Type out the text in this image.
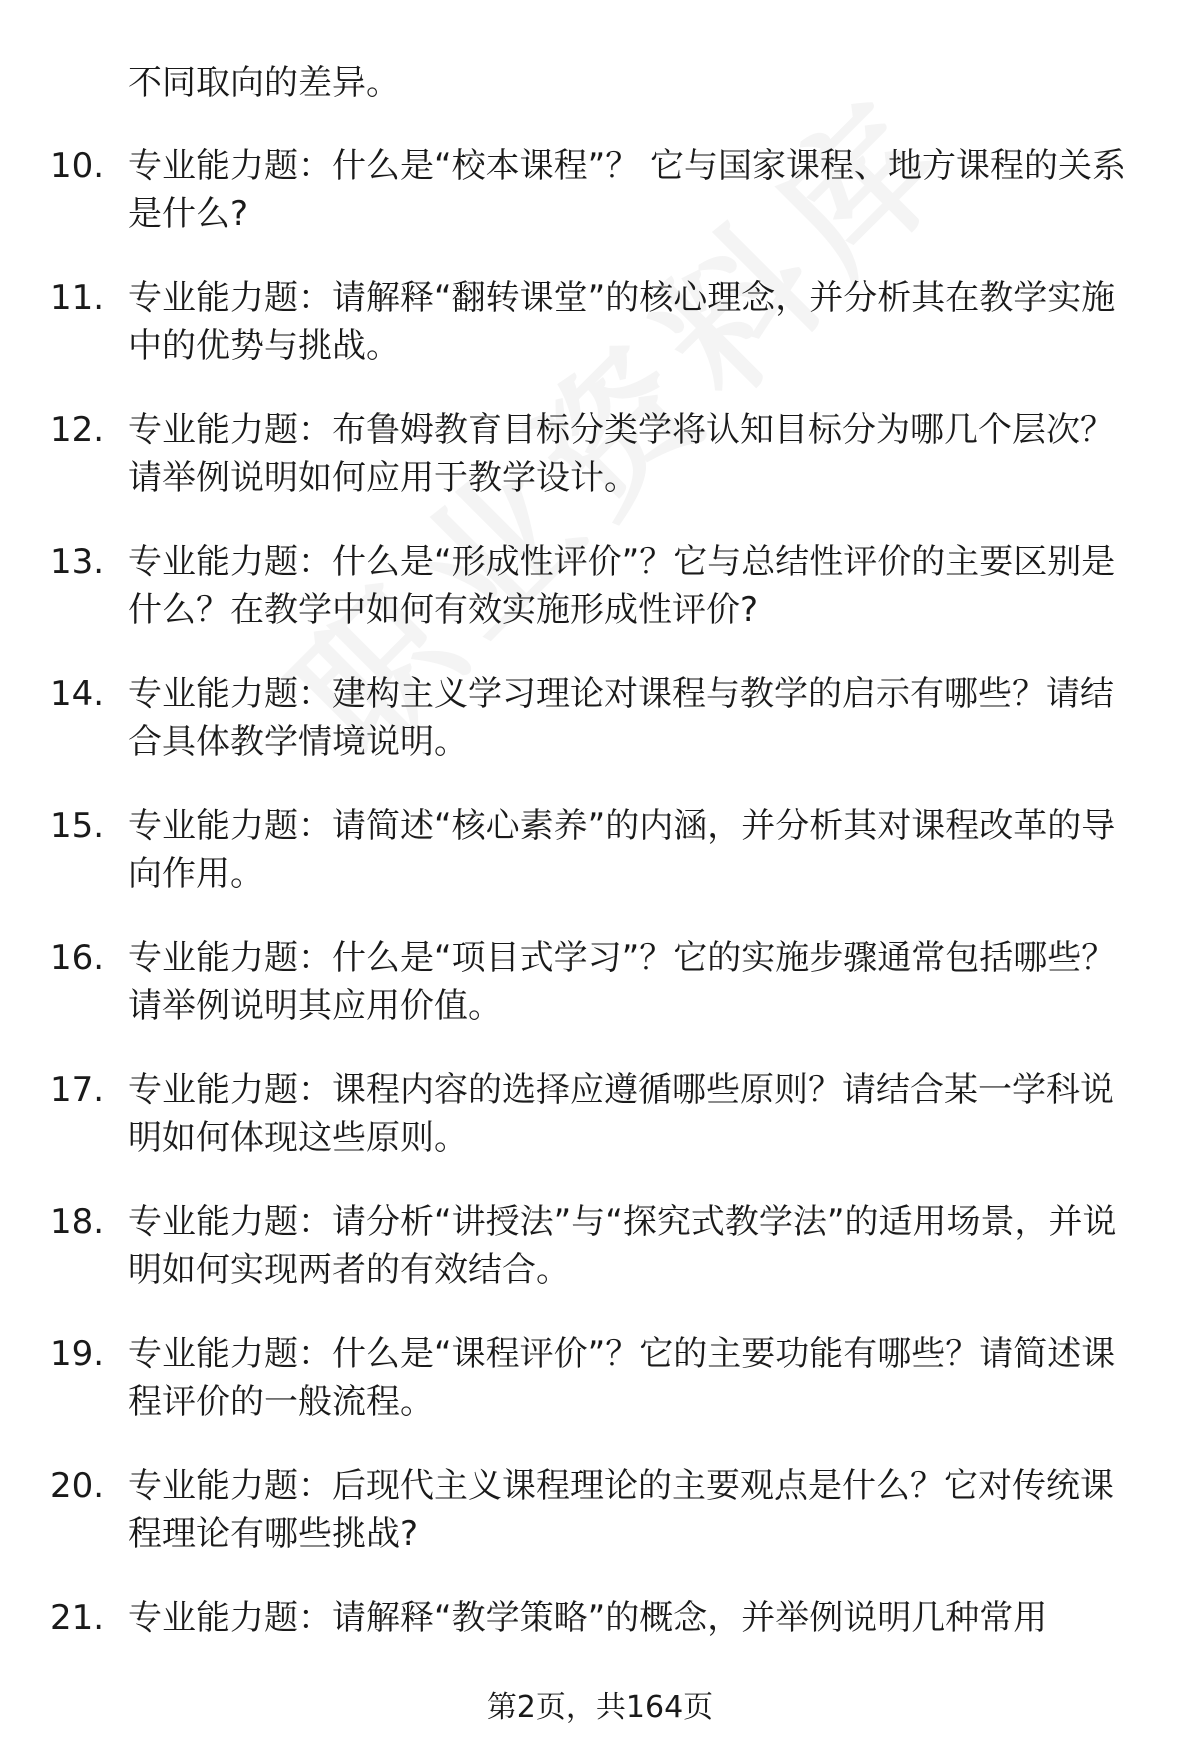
不同取向的差异。

10. 专业能力题：什么是“校本课程”？ 它与国家课程、地方课程的关系是什么?
11. 专业能力题：请解释“翻转课堂”的核心理念，并分析其在教学实施中的优势与挑战。
12. 专业能力题：布鲁姆教育目标分类学将认知目标分为哪几个层次？请举例说明如何应用于教学设计。
13. 专业能力题：什么是“形成性评价”？它与总结性评价的主要区别是什么？在教学中如何有效实施形成性评价?
14. 专业能力题：建构主义学习理论对课程与教学的启示有哪些？请结合具体教学情境说明。
15. 专业能力题：请简述“核心素养”的内涵，并分析其对课程改革的导向作用。
16. 专业能力题：什么是“项目式学习”？它的实施步骤通常包括哪些？请举例说明其应用价值。
17. 专业能力题：课程内容的选择应遵循哪些原则？请结合某一学科说明如何体现这些原则。
18. 专业能力题：请分析“讲授法”与“探究式教学法”的适用场景，并说明如何实现两者的有效结合。
19. 专业能力题：什么是“课程评价”？它的主要功能有哪些？请简述课程评价的一般流程。
20. 专业能力题：后现代主义课程理论的主要观点是什么？它对传统课程理论有哪些挑战?
21. 专业能力题：请解释“教学策略”的概念，并举例说明几种常用
第2页，共164页
